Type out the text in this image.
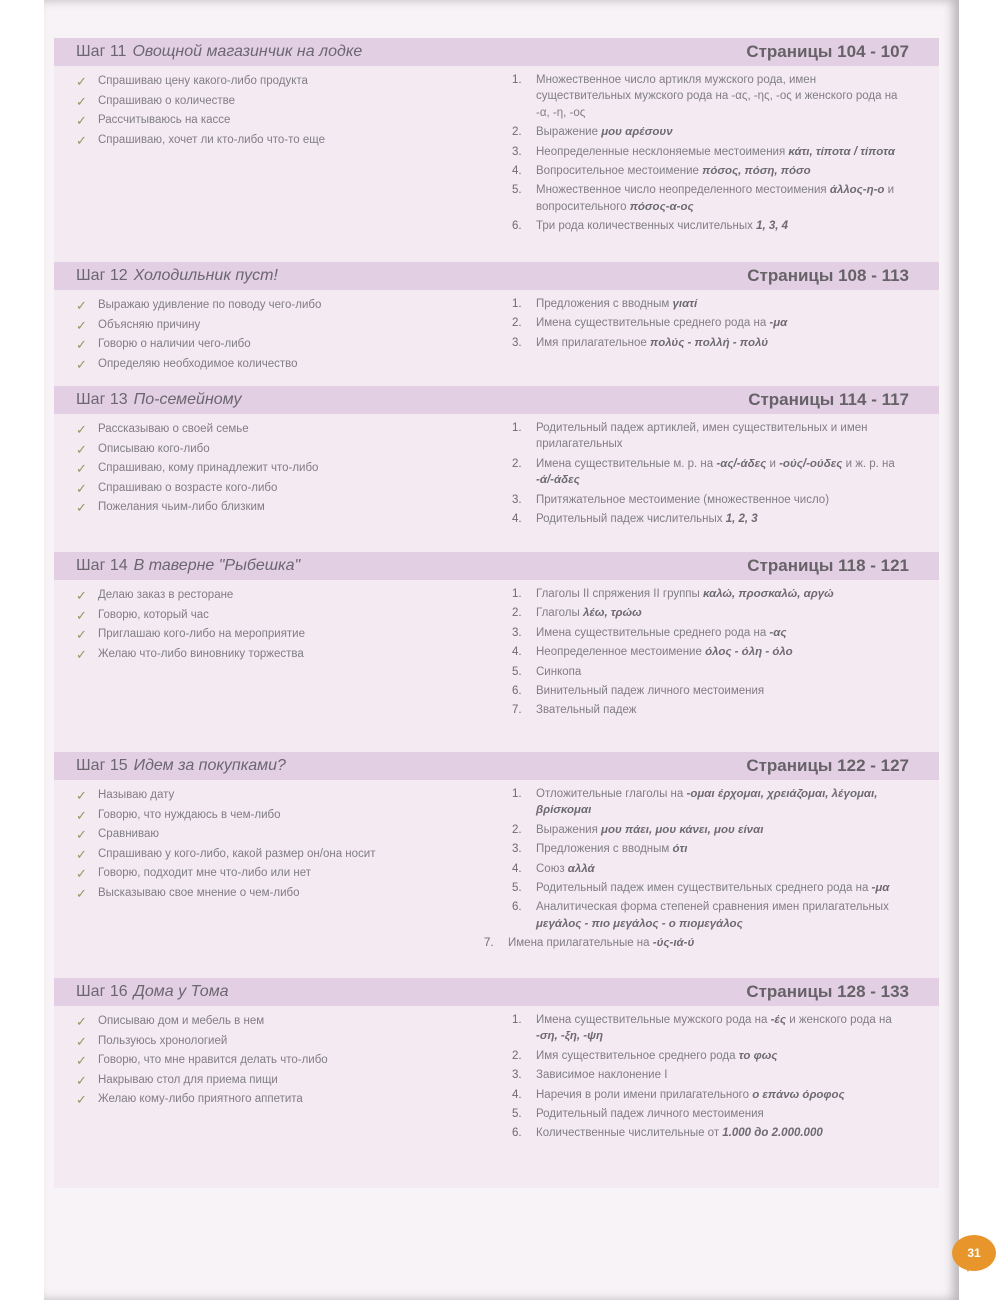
31
Шаг 11 Овощной магазинчик на лодке	Страницы 104 - 107
✓ Спрашиваю цену какого-либо продукта
✓ Спрашиваю о количестве
✓ Рассчитываюсь на кассе
✓ Спрашиваю, хочет ли кто-либо что-то еще
1. Множественное число артикля мужского рода, имен существительных мужского рода на -ας, -ης, -ος и женского рода на -α, -η, -ος
2. Выражение μου αρέσουν
3. Неопределенные несклоняемые местоимения κάτι, τίποτα / τίποτα
4. Вопросительное местоимение πόσος, πόση, πόσο
5. Множественное число неопределенного местоимения άλλος-η-ο и вопросительного πόσος-α-ος
6. Три рода количественных числительных 1, 3, 4
Шаг 12 Холодильник пуст!	Страницы 108 - 113
✓ Выражаю удивление по поводу чего-либо
✓ Объясняю причину
✓ Говорю о наличии чего-либо
✓ Определяю необходимое количество
1. Предложения с вводным γιατί
2. Имена существительные среднего рода на -μα
3. Имя прилагательное πολύς - πολλή - πολύ
Шаг 13 По-семейному	Страницы 114 - 117
✓ Рассказываю о своей семье
✓ Описываю кого-либо
✓ Спрашиваю, кому принадлежит что-либо
✓ Спрашиваю о возрасте кого-либо
✓ Пожелания чьим-либо близким
1. Родительный падеж артиклей, имен существительных и имен прилагательных
2. Имена существительные м. р. на -ας/-άδες и -ούς/-ούδες и ж. р. на -ά/-άδες
3. Притяжательное местоимение (множественное число)
4. Родительный падеж числительных 1, 2, 3
Шаг 14 В таверне "Рыбешка"	Страницы 118 - 121
✓ Делаю заказ в ресторане
✓ Говорю, который час
✓ Приглашаю кого-либо на мероприятие
✓ Желаю что-либо виновнику торжества
1. Глаголы II спряжения II группы καλώ, προσκαλώ, αργώ
2. Глаголы λέω, τρώω
3. Имена существительные среднего рода на -ας
4. Неопределенное местоимение όλος - όλη - όλο
5. Синкопа
6. Винительный падеж личного местоимения
7. Звательный падеж
Шаг 15 Идем за покупками?	Страницы 122 - 127
✓ Называю дату
✓ Говорю, что нуждаюсь в чем-либо
✓ Сравниваю
✓ Спрашиваю у кого-либо, какой размер он/она носит
✓ Говорю, подходит мне что-либо или нет
✓ Высказываю свое мнение о чем-либо
1. Отложительные глаголы на -ομαι έρχομαι, χρειάζομαι, λέγομαι, βρίσκομαι
2. Выражения μου πάει, μου κάνει, μου είναι
3. Предложения с вводным ότι
4. Союз αλλά
5. Родительный падеж имен существительных среднего рода на -μα
6. Аналитическая форма степеней сравнения имен прилагательных μεγάλος - πιο μεγάλος - ο πιομεγάλος
7. Имена прилагательные на -ύς-ιά-ύ
Шаг 16 Дома у Тома	Страницы 128 - 133
✓ Описываю дом и мебель в нем
✓ Пользуюсь хронологией
✓ Говорю, что мне нравится делать что-либо
✓ Накрываю стол для приема пищи
✓ Желаю кому-либо приятного аппетита
1. Имена существительные мужского рода на -ές и женского рода на -ση, -ξη, -ψη
2. Имя существительное среднего рода το φως
3. Зависимое наклонение I
4. Наречия в роли имени прилагательного ο επάνω όροφος
5. Родительный падеж личного местоимения
6. Количественные числительные от 1.000 до 2.000.000
